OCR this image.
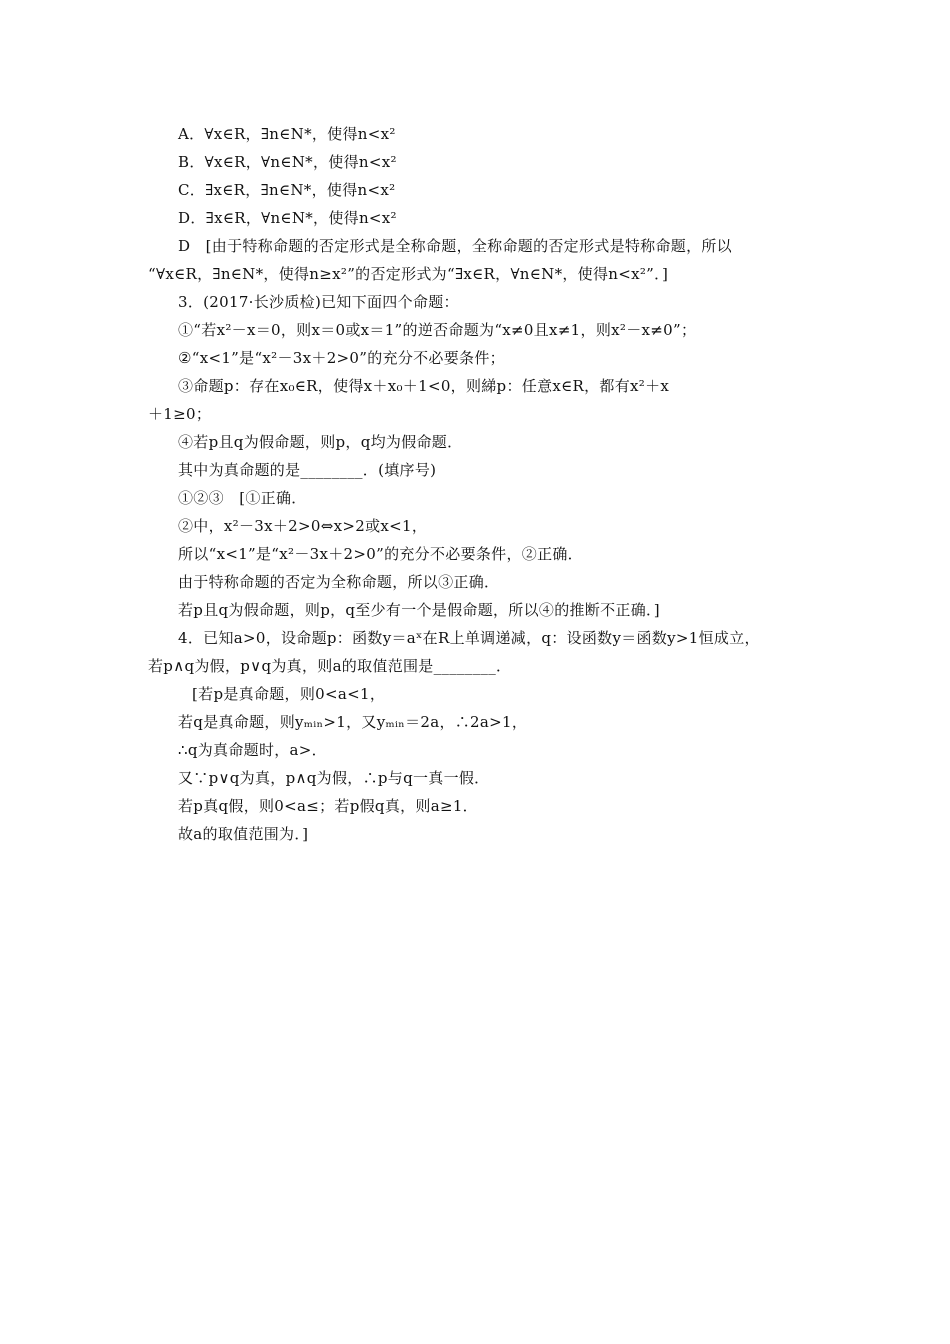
A．∀x∈R，∃n∈N*，使得n<x²
B．∀x∈R，∀n∈N*，使得n<x²
C．∃x∈R，∃n∈N*，使得n<x²
D．∃x∈R，∀n∈N*，使得n<x²
D　[由于特称命题的否定形式是全称命题，全称命题的否定形式是特称命题，所以
“∀x∈R，∃n∈N*，使得n≥x²”的否定形式为“∃x∈R，∀n∈N*，使得n<x²”．]
3．(2017·长沙质检)已知下面四个命题：
①“若x²－x＝0，则x＝0或x＝1”的逆否命题为“x≠0且x≠1，则x²－x≠0”；
②“x<1”是“x²－3x＋2>0”的充分不必要条件；
③命题p：存在x₀∈R，使得x＋x₀＋1<0，则綈p：任意x∈R，都有x²＋x
＋1≥0；
④若p且q为假命题，则p，q均为假命题．
其中为真命题的是________．(填序号)
①②③　[①正确．
②中，x²－3x＋2>0⇔x>2或x<1，
所以“x<1”是“x²－3x＋2>0”的充分不必要条件，②正确．
由于特称命题的否定为全称命题，所以③正确．
若p且q为假命题，则p，q至少有一个是假命题，所以④的推断不正确．]
4．已知a>0，设命题p：函数y＝aˣ在R上单调递减，q：设函数y＝函数y>1恒成立，
若p∧q为假，p∨q为真，则a的取值范围是________．
[若p是真命题，则0<a<1，
若q是真命题，则yₘᵢₙ>1，又yₘᵢₙ＝2a，∴2a>1，
∴q为真命题时，a>．
又∵p∨q为真，p∧q为假，∴p与q一真一假．
若p真q假，则0<a≤；若p假q真，则a≥1．
故a的取值范围为．]
